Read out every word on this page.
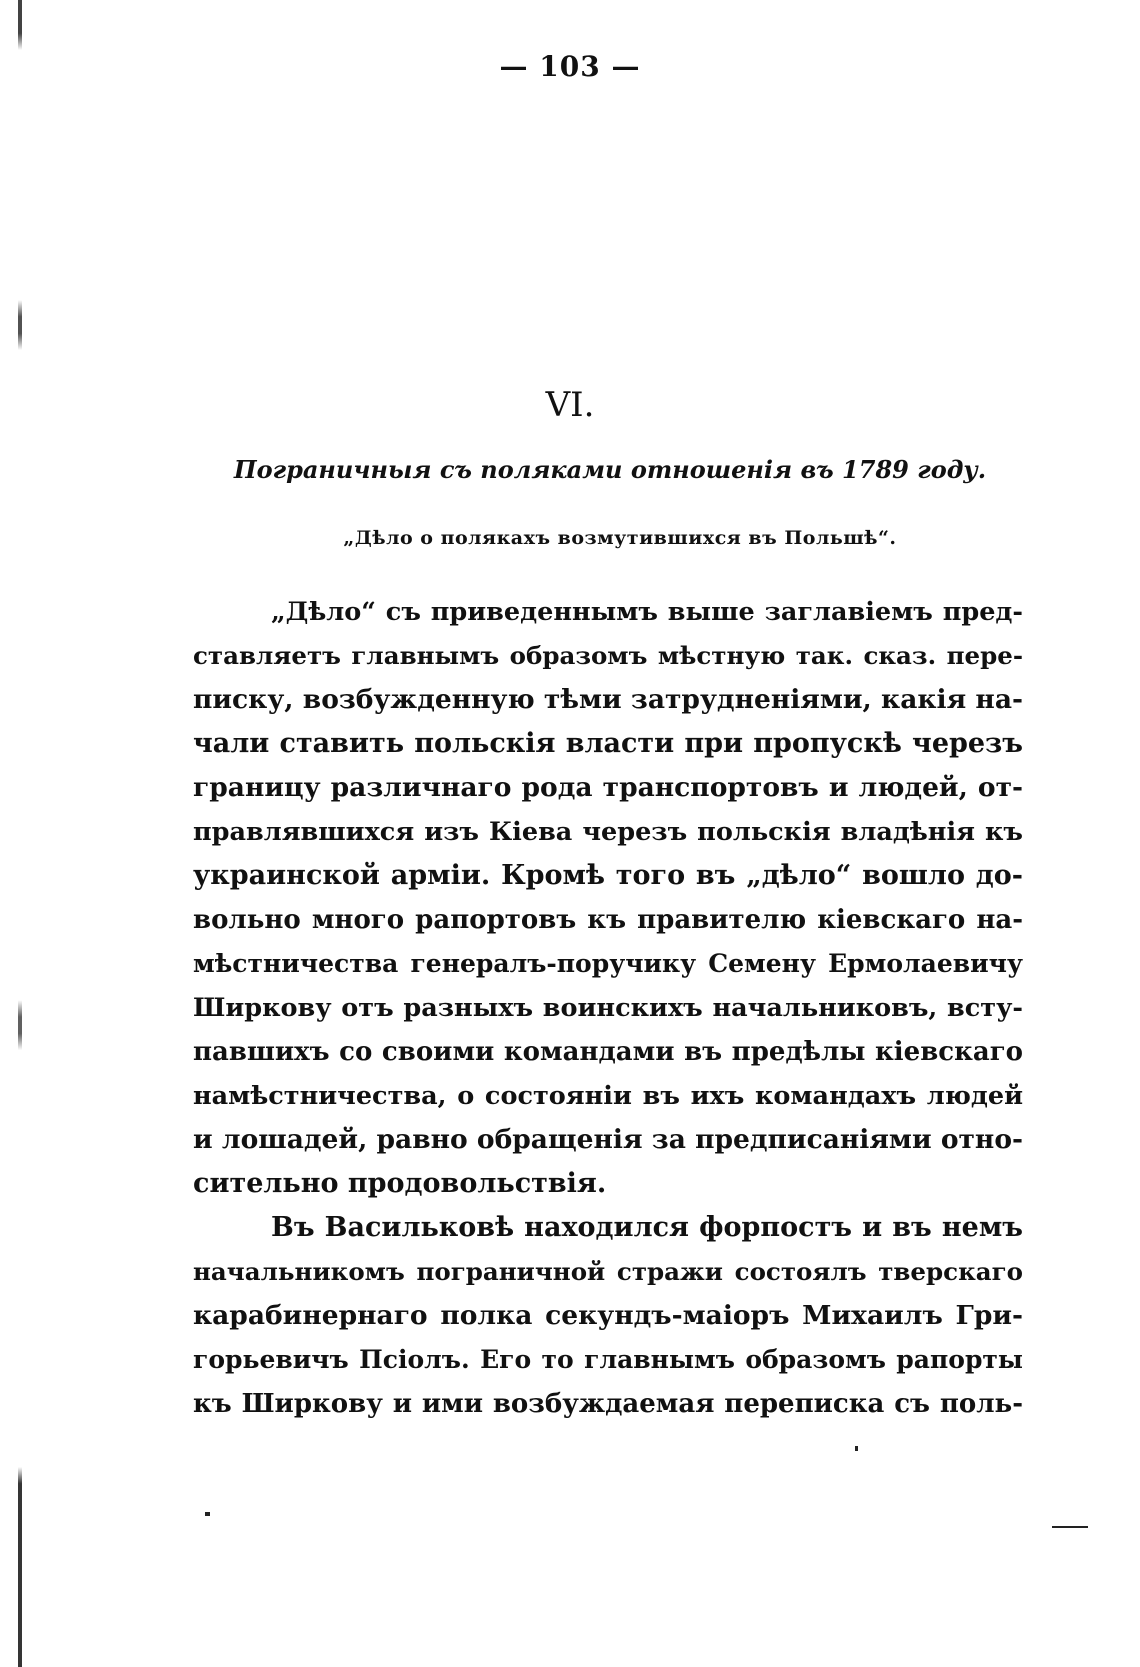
— 103 —
VI.
Пограничныя съ поляками отношенія въ 1789 году.
„Дѣло о полякахъ возмутившихся въ Польшѣ“.
„Дѣло“ съ приведеннымъ выше заглавіемъ пред-
ставляетъ главнымъ образомъ мѣстную так. сказ. пере-
писку, возбужденную тѣми затрудненіями, какія на-
чали ставить польскія власти при пропускѣ черезъ
границу различнаго рода транспортовъ и людей, от-
правлявшихся изъ Кіева черезъ польскія владѣнія къ
украинской арміи. Кромѣ того въ „дѣло“ вошло до-
вольно много рапортовъ къ правителю кіевскаго на-
мѣстничества генералъ-поручику Семену Ермолаевичу
Ширкову отъ разныхъ воинскихъ начальниковъ, всту-
павшихъ со своими командами въ предѣлы кіевскаго
намѣстничества, о состояніи въ ихъ командахъ людей
и лошадей, равно обращенія за предписаніями отно-
сительно продовольствія.
Въ Васильковѣ находился форпостъ и въ немъ
начальникомъ пограничной стражи состоялъ тверскаго
карабинернаго полка секундъ-маіоръ Михаилъ Гри-
горьевичъ Псіолъ. Его то главнымъ образомъ рапорты
къ Ширкову и ими возбуждаемая переписка съ поль-
